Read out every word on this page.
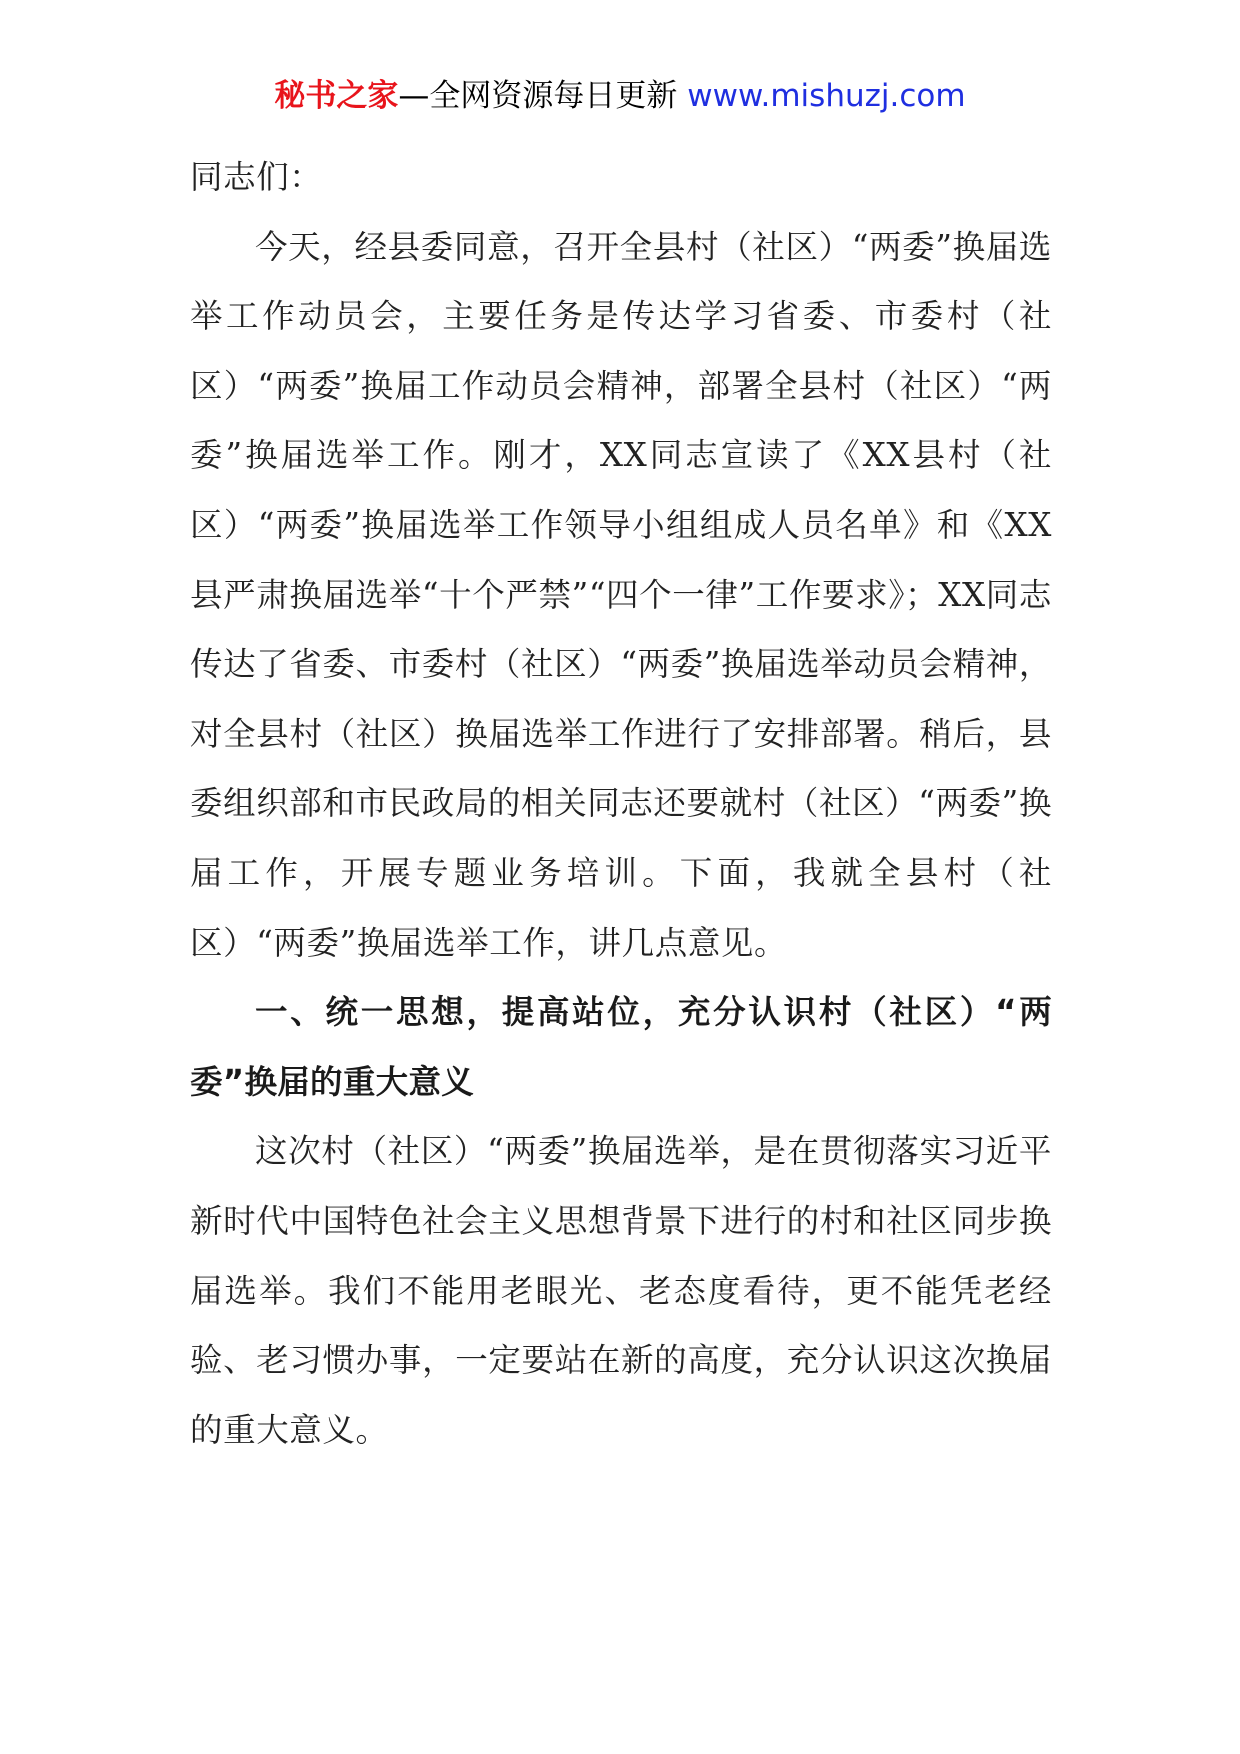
秘书之家—全网资源每日更新 www.mishuzj.com

同志们：

今天，经县委同意，召开全县村（社区）“两委”换届选举工作动员会，主要任务是传达学习省委、市委村（社区）“两委”换届工作动员会精神，部署全县村（社区）“两委”换届选举工作。刚才，XX同志宣读了《XX县村（社区）“两委”换届选举工作领导小组组成人员名单》和《XX县严肃换届选举“十个严禁”“四个一律”工作要求》；XX同志传达了省委、市委村（社区）“两委”换届选举动员会精神，对全县村（社区）换届选举工作进行了安排部署。稍后，县委组织部和市民政局的相关同志还要就村（社区）“两委”换届工作，开展专题业务培训。下面，我就全县村（社区）“两委”换届选举工作，讲几点意见。

一、统一思想，提高站位，充分认识村（社区）“两委”换届的重大意义

这次村（社区）“两委”换届选举，是在贯彻落实习近平新时代中国特色社会主义思想背景下进行的村和社区同步换届选举。我们不能用老眼光、老态度看待，更不能凭老经验、老习惯办事，一定要站在新的高度，充分认识这次换届的重大意义。
